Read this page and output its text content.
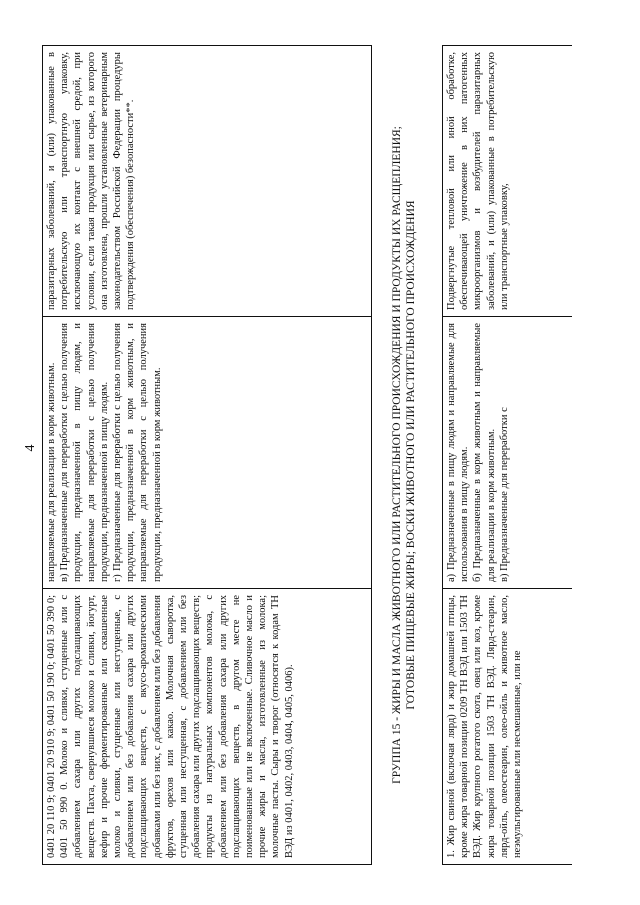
4

0401 20 110 9; 0401 20 910 9; 0401 50 190 0; 0401 50 390 0; 0401 50 990 0. Молоко и сливки, сгущенные или с добавлением сахара или других подслащивающих веществ. Пахта, свернувшиеся молоко и сливки, йогурт, кефир и прочие ферментированные или сквашенные молоко и сливки, сгущенные или несгущенные, с добавлением или без добавления сахара или других подслащивающих веществ, с вкусо-ароматическими добавками или без них, с добавлением или без добавления фруктов, орехов или какао. Молочная сыворотка, сгущенная или несгущенная, с добавлением или без добавления сахара или других подслащивающих веществ; продукты из натуральных компонентов молока, с добавлением или без добавления сахара или других подслащивающих веществ, в другом месте не поименованные или не включенные. Сливочное масло и прочие жиры и масла, изготовленные из молока; молочные пасты. Сыры и творог (относятся к кодам ТН ВЭД из 0401, 0402, 0403, 0404, 0405, 0406).

направляемые для реализации в корм животным. в) Предназначенные для переработки с целью получения продукции, предназначенной в пищу людям, и направляемые для переработки с целью получения продукции, предназначенной в пищу людям. г) Предназначенные для переработки с целью получения продукции, предназначенной в корм животным, и направляемые для переработки с целью получения продукции, предназначенной в корм животным.

паразитарных заболеваний, и (или) упакованные в потребительскую или транспортную упаковку, исключающую их контакт с внешней средой, при условии, если такая продукция или сырье, из которого она изготовлена, прошли установленные ветеринарным законодательством Российской Федерации процедуры подтверждения (обеспечения) безопасности**.	ГРУППА 15 - ЖИРЫ И МАСЛА ЖИВОТНОГО ИЛИ РАСТИТЕЛЬНОГО ПРОИСХОЖДЕНИЯ И ПРОДУКТЫ ИХ РАСЩЕПЛЕНИЯ; ГОТОВЫЕ ПИЩЕВЫЕ ЖИРЫ; ВОСКИ ЖИВОТНОГО ИЛИ РАСТИТЕЛЬНОГО ПРОИСХОЖДЕНИЯ

1. Жир свиной (включая лярд) и жир домашней птицы, кроме жира товарной позиции 0209 ТН ВЭД или 1503 ТН ВЭД. Жир крупного рогатого скота, овец или коз, кроме жира товарной позиции 1503 ТН ВЭД. Лярд-стеарин, лярд-ойль, олеостеарин, олео-ойль и животное масло, неэмульгированные или несмешанные, или не

а) Предназначенные в пищу людям и направляемые для использования в пищу людям. б) Предназначенные в корм животным и направляемые для реализации в корм животным. в) Предназначенные для переработки с

Подвергнутые тепловой или иной обработке, обеспечивающей уничтожение в них патогенных микроорганизмов и возбудителей паразитарных заболеваний, и (или) упакованные в потребительскую или транспортные упаковку,
